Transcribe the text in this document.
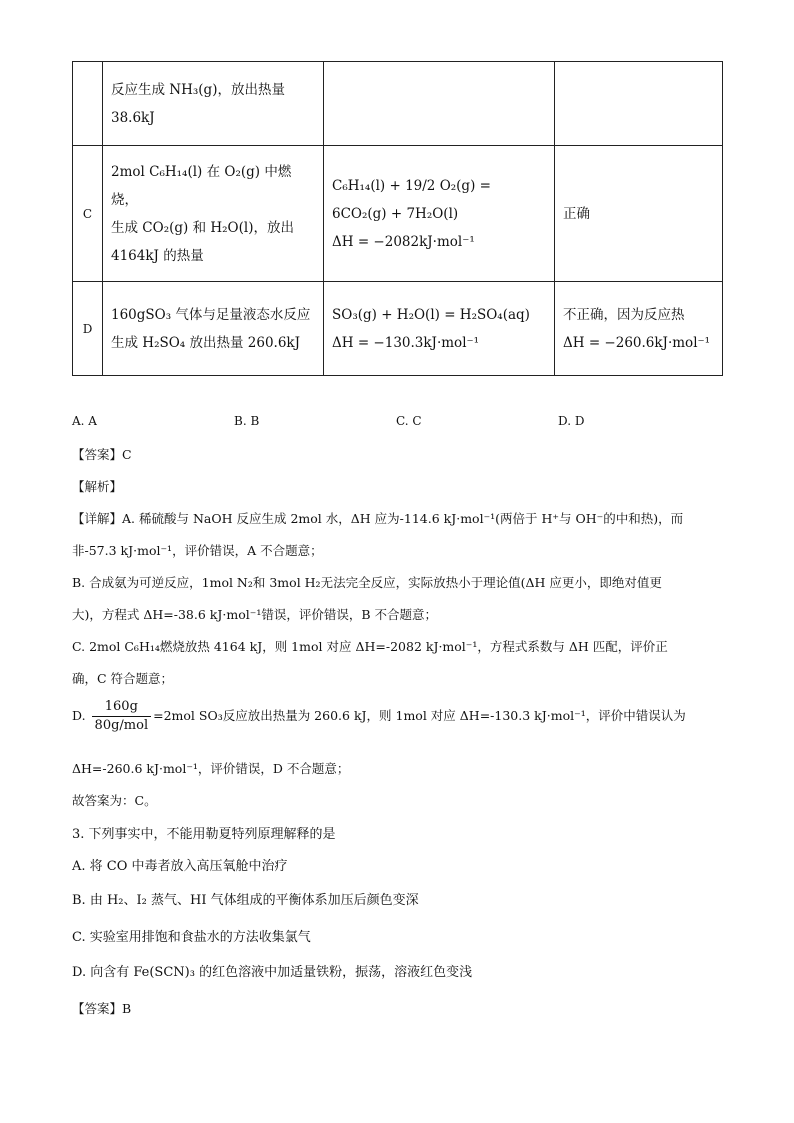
	反应生成 NH₃(g)，放出热量
38.6kJ		
C	2mol C₆H₁₄(l) 在 O₂(g) 中燃烧，
生成 CO₂(g) 和 H₂O(l)，放出
4164kJ 的热量	C₆H₁₄(l) + 19/2 O₂(g) =
6CO₂(g) + 7H₂O(l)
ΔH = −2082kJ·mol⁻¹	正确
D	160gSO₃ 气体与足量液态水反应
生成 H₂SO₄ 放出热量 260.6kJ	SO₃(g) + H₂O(l) = H₂SO₄(aq)
ΔH = −130.3kJ·mol⁻¹	不正确，因为反应热
ΔH = −260.6kJ·mol⁻¹
A. A	B. B	C. C	D. D
【答案】C
【解析】
【详解】A. 稀硫酸与 NaOH 反应生成 2mol 水，ΔH 应为-114.6 kJ·mol⁻¹(两倍于 H⁺与 OH⁻的中和热)，而
非-57.3 kJ·mol⁻¹，评价错误，A 不合题意；
B. 合成氨为可逆反应，1mol N₂和 3mol H₂无法完全反应，实际放热小于理论值(ΔH 应更小，即绝对值更
大)，方程式 ΔH=-38.6 kJ·mol⁻¹错误，评价错误，B 不合题意；
C. 2mol C₆H₁₄燃烧放热 4164 kJ，则 1mol 对应 ΔH=-2082 kJ·mol⁻¹，方程式系数与 ΔH 匹配，评价正
确，C 符合题意；
D. $\frac{160g}{\text{80g/mol}} =2mol$ SO₃反应放出热量为 260.6 kJ，则 1mol 对应 ΔH=-130.3 kJ·mol⁻¹，评价中错误认为
ΔH=-260.6 kJ·mol⁻¹，评价错误，D 不合题意；
故答案为：C。
3. 下列事实中，不能用勒夏特列原理解释的是
A. 将 CO 中毒者放入高压氧舱中治疗
B. 由 H₂、I₂ 蒸气、HI 气体组成的平衡体系加压后颜色变深
C. 实验室用排饱和食盐水的方法收集氯气
D. 向含有 Fe(SCN)₃ 的红色溶液中加适量铁粉，振荡，溶液红色变浅
【答案】B
